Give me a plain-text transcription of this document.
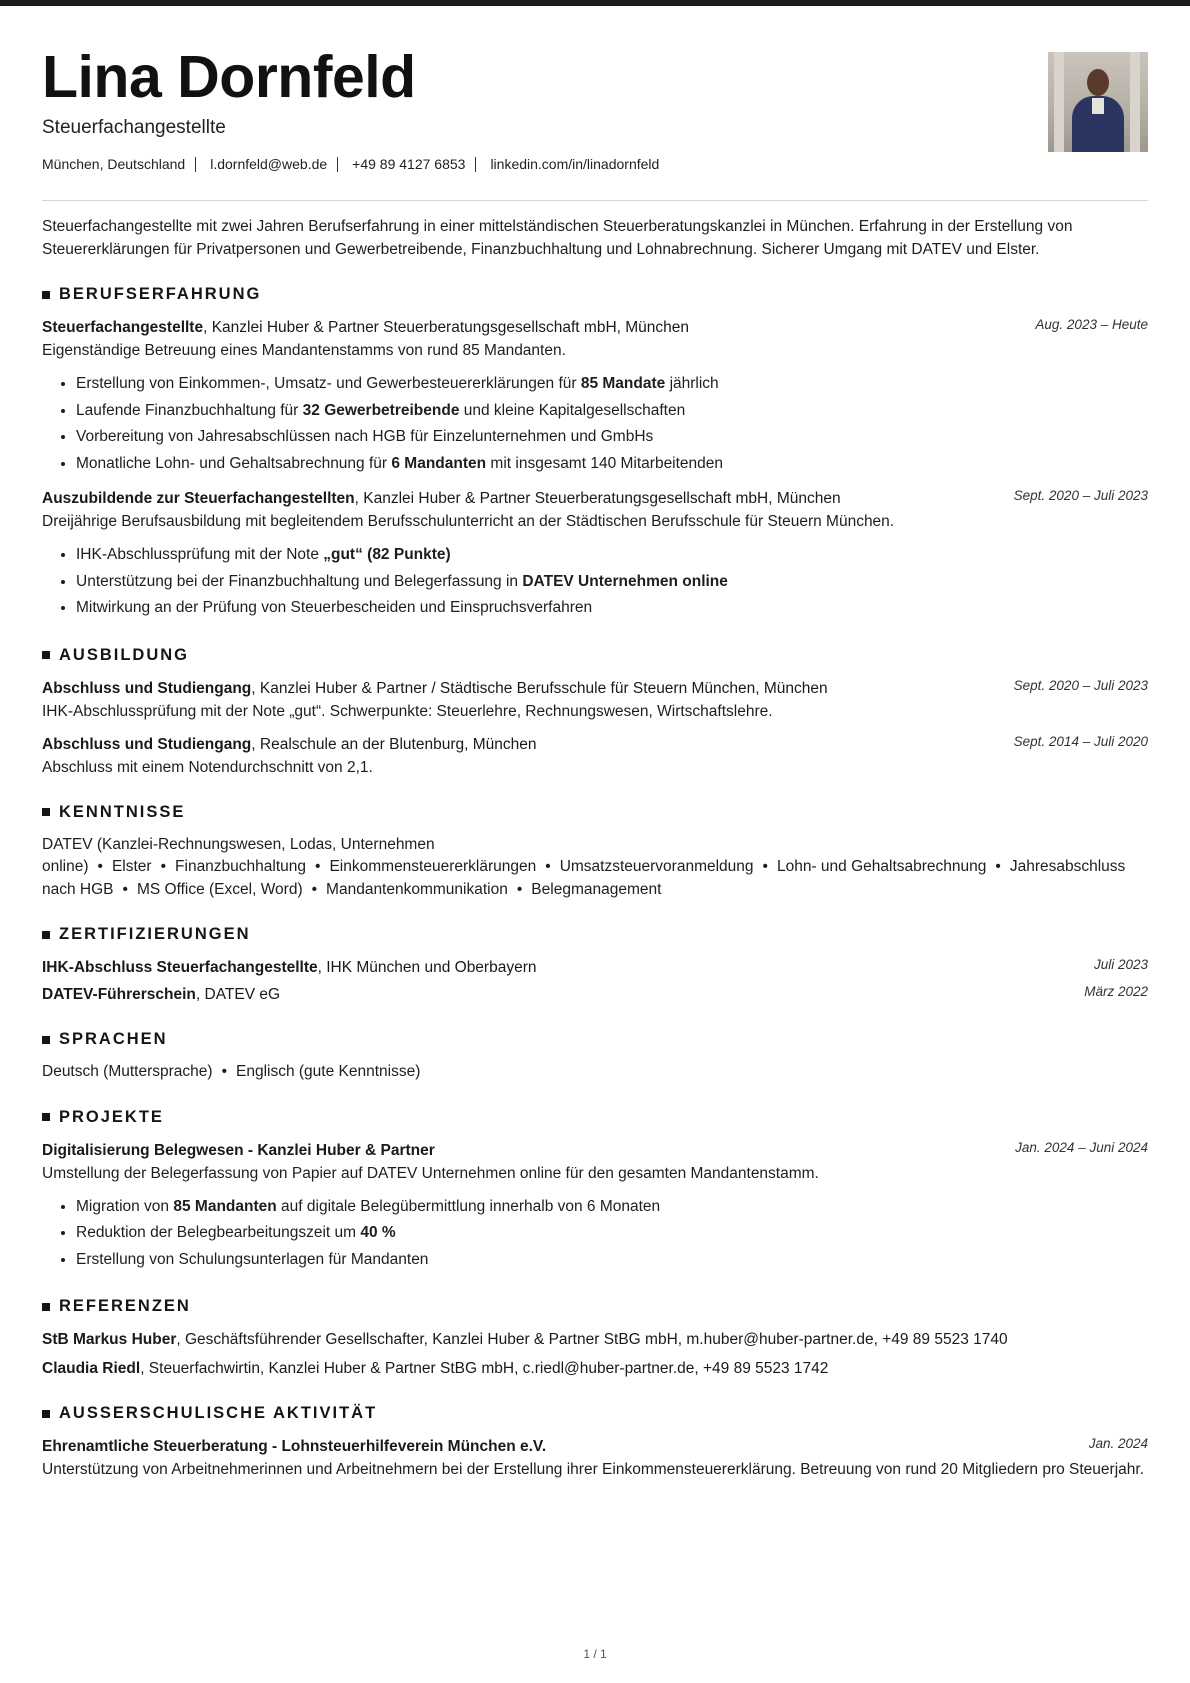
Lina Dornfeld
Steuerfachangestellte
München, Deutschland l.dornfeld@web.de +49 89 4127 6853 linkedin.com/in/linadornfeld
Steuerfachangestellte mit zwei Jahren Berufserfahrung in einer mittelständischen Steuerberatungskanzlei in München. Erfahrung in der Erstellung von Steuererklärungen für Privatpersonen und Gewerbetreibende, Finanzbuchhaltung und Lohnabrechnung. Sicherer Umgang mit DATEV und Elster.
BERUFSERFAHRUNG
Steuerfachangestellte, Kanzlei Huber & Partner Steuerberatungsgesellschaft mbH, München	Aug. 2023 – Heute
Eigenständige Betreuung eines Mandantenstamms von rund 85 Mandanten.
• Erstellung von Einkommen-, Umsatz- und Gewerbesteuererklärungen für 85 Mandate jährlich
• Laufende Finanzbuchhaltung für 32 Gewerbetreibende und kleine Kapitalgesellschaften
• Vorbereitung von Jahresabschlüssen nach HGB für Einzelunternehmen und GmbHs
• Monatliche Lohn- und Gehaltsabrechnung für 6 Mandanten mit insgesamt 140 Mitarbeitenden
Auszubildende zur Steuerfachangestellten, Kanzlei Huber & Partner Steuerberatungsgesellschaft mbH, München	Sept. 2020 – Juli 2023
Dreijährige Berufsausbildung mit begleitendem Berufsschulunterricht an der Städtischen Berufsschule für Steuern München.
• IHK-Abschlussprüfung mit der Note „gut“ (82 Punkte)
• Unterstützung bei der Finanzbuchhaltung und Belegerfassung in DATEV Unternehmen online
• Mitwirkung an der Prüfung von Steuerbescheiden und Einspruchsverfahren
AUSBILDUNG
Abschluss und Studiengang, Kanzlei Huber & Partner / Städtische Berufsschule für Steuern München, München	Sept. 2020 – Juli 2023
IHK-Abschlussprüfung mit der Note „gut“. Schwerpunkte: Steuerlehre, Rechnungswesen, Wirtschaftslehre.
Abschluss und Studiengang, Realschule an der Blutenburg, München	Sept. 2014 – Juli 2020
Abschluss mit einem Notendurchschnitt von 2,1.
KENNTNISSE
DATEV (Kanzlei-Rechnungswesen, Lodas, Unternehmen online) • Elster • Finanzbuchhaltung • Einkommensteuererklärungen • Umsatzsteuervoranmeldung • Lohn- und Gehaltsabrechnung • Jahresabschluss nach HGB • MS Office (Excel, Word) • Mandantenkommunikation • Belegmanagement
ZERTIFIZIERUNGEN
IHK-Abschluss Steuerfachangestellte, IHK München und Oberbayern	Juli 2023
DATEV-Führerschein, DATEV eG	März 2022
SPRACHEN
Deutsch (Muttersprache) • Englisch (gute Kenntnisse)
PROJEKTE
Digitalisierung Belegwesen - Kanzlei Huber & Partner	Jan. 2024 – Juni 2024
Umstellung der Belegerfassung von Papier auf DATEV Unternehmen online für den gesamten Mandantenstamm.
• Migration von 85 Mandanten auf digitale Belegübermittlung innerhalb von 6 Monaten
• Reduktion der Belegbearbeitungszeit um 40 %
• Erstellung von Schulungsunterlagen für Mandanten
REFERENZEN
StB Markus Huber, Geschäftsführender Gesellschafter, Kanzlei Huber & Partner StBG mbH, m.huber@huber-partner.de, +49 89 5523 1740
Claudia Riedl, Steuerfachwirtin, Kanzlei Huber & Partner StBG mbH, c.riedl@huber-partner.de, +49 89 5523 1742
AUSSERSCHULISCHE AKTIVITÄT
Ehrenamtliche Steuerberatung - Lohnsteuerhilfeverein München e.V.	Jan. 2024
Unterstützung von Arbeitnehmerinnen und Arbeitnehmern bei der Erstellung ihrer Einkommensteuererklärung. Betreuung von rund 20 Mitgliedern pro Steuerjahr.
1 / 1
